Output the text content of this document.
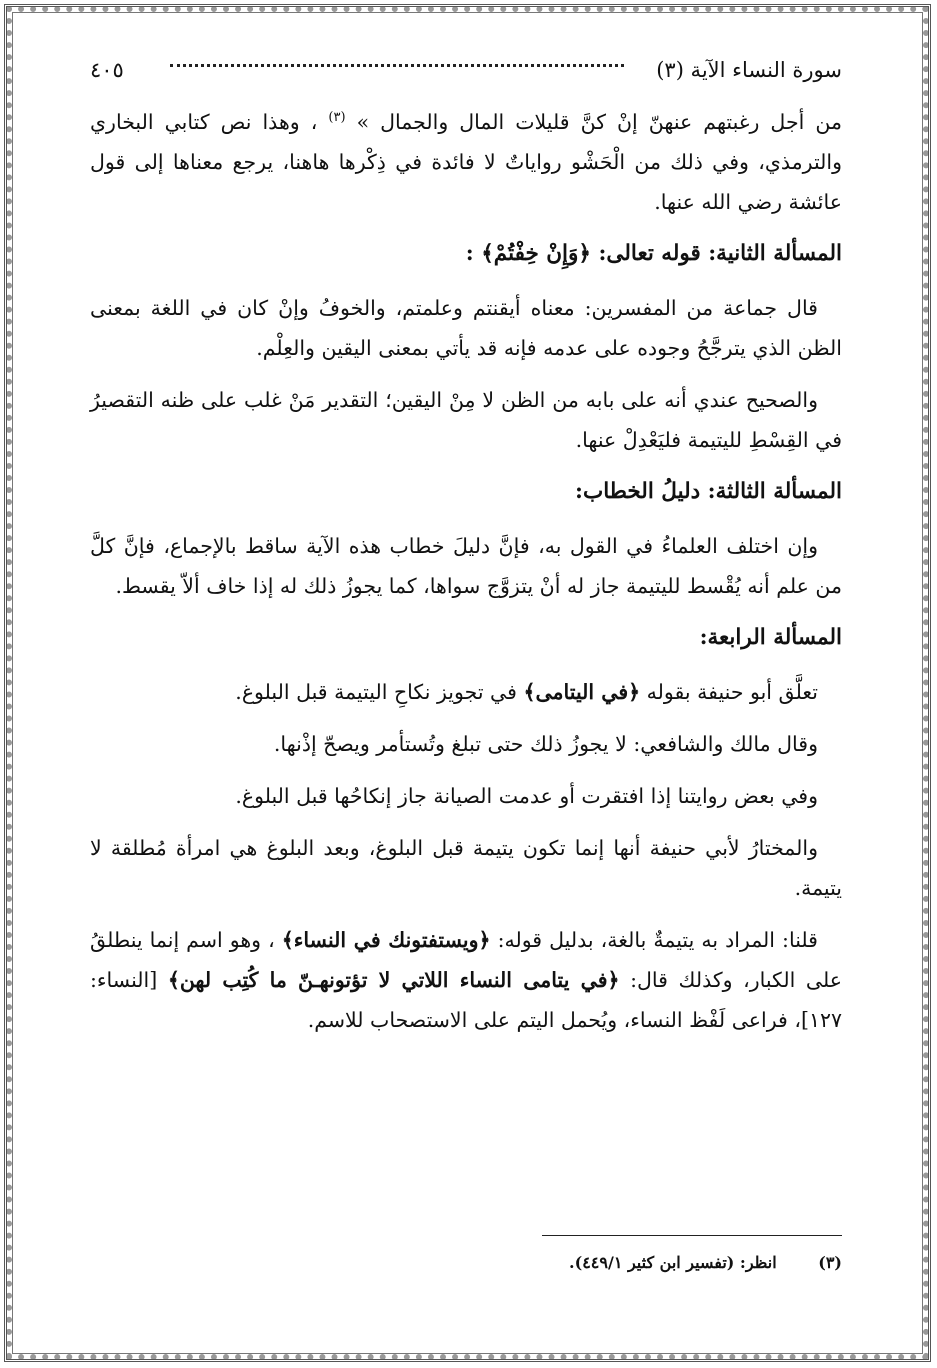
سورة النساء الآية (٣)
٤٠٥

من أجل رغبتهم عنهنّ إنْ كنَّ قليلات المال والجمال » $^{(٣)}$ ، وهذا نص كتابي البخاري والترمذي، وفي ذلك من الْحَشْو رواياتٌ لا فائدة في ذِكْرها هاهنا، يرجع معناها إلى قول عائشة رضي الله عنها.

المسألة الثانية: قوله تعالى: ﴿وَإِنْ خِفْتُمْ﴾ :

قال جماعة من المفسرين: معناه أيقنتم وعلمتم، والخوفُ وإنْ كان في اللغة بمعنى الظن الذي يترجَّحُ وجوده على عدمه فإنه قد يأتي بمعنى اليقين والعِلْم.

والصحيح عندي أنه على بابه من الظن لا مِنْ اليقين؛ التقدير مَنْ غلب على ظنه التقصيرُ في القِسْطِ لليتيمة فليَعْدِلْ عنها.

المسألة الثالثة: دليلُ الخطاب:

وإن اختلف العلماءُ في القول به، فإنَّ دليلَ خطاب هذه الآية ساقط بالإجماع، فإنَّ كلَّ من علم أنه يُقْسط لليتيمة جاز له أنْ يتزوَّج سواها، كما يجوزُ ذلك له إذا خاف ألاّ يقسط.

المسألة الرابعة:

تعلَّق أبو حنيفة بقوله ﴿في اليتامى﴾ في تجويز نكاحِ اليتيمة قبل البلوغ.

وقال مالك والشافعي: لا يجوزُ ذلك حتى تبلغ وتُستأمر ويصحّ إذْنها.

وفي بعض روايتنا إذا افتقرت أو عدمت الصيانة جاز إنكاحُها قبل البلوغ.

والمختارُ لأبي حنيفة أنها إنما تكون يتيمة قبل البلوغ، وبعد البلوغ هي امرأة مُطلقة لا يتيمة.

قلنا: المراد به يتيمةٌ بالغة، بدليل قوله: ﴿ويستفتونك في النساء﴾ ، وهو اسم إنما ينطلقُ على الكبار، وكذلك قال: ﴿في يتامى النساء اللاتي لا تؤتونهـنّ ما كُتِب لهن﴾ [النساء: ١٢٧]، فراعى لَفْظ النساء، ويُحمل اليتم على الاستصحاب للاسم.

(٣) انظر: (تفسير ابن كثير ٤٤٩/١).
